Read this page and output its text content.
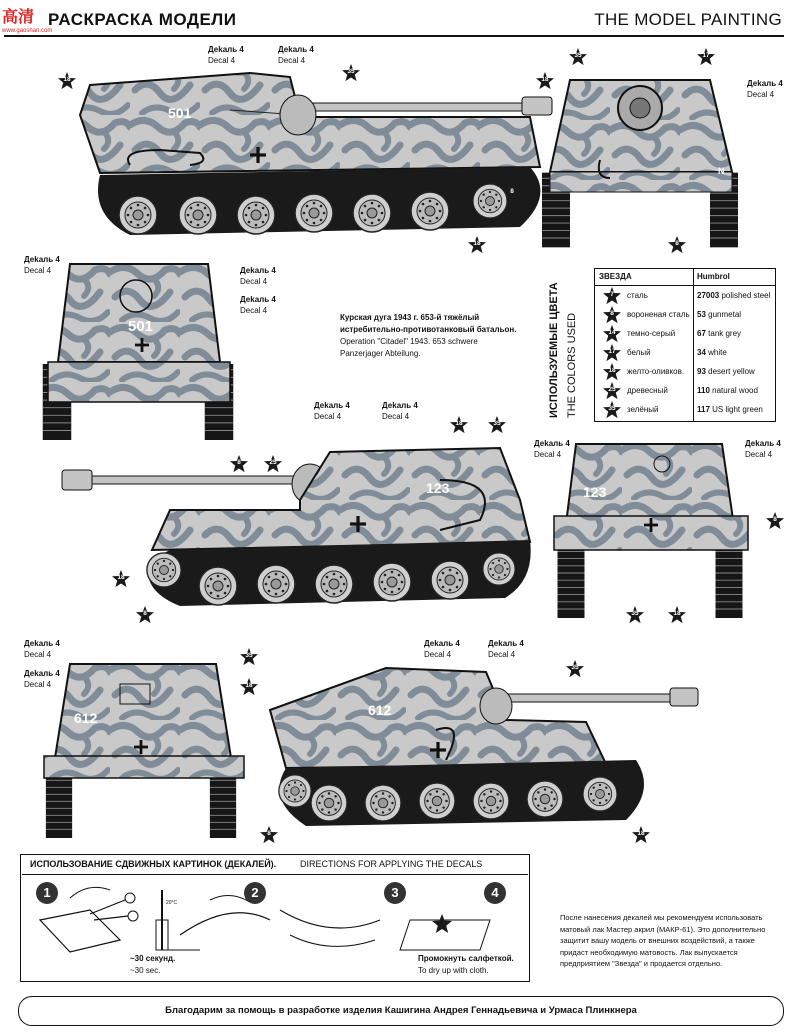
高清
www.gaoshan.com
РАСКРАСКА МОДЕЛИ	THE MODEL PAINTING
501
Деkаль 4
Decal 4
Деkаль 4
Decal 4
N
Деkаль 4
Decal 4
501
Деkаль 4
Decal 4	Деkаль 4
Decal 4
Деkаль 4
Decal 4
Курская дуга 1943 г. 653-й тяжёлый
истребительно-противотанковый батальон.
Operation "Citadel" 1943. 653 schwere
Panzerjager Abteilung.	ИСПОЛЬЗУЕМЫЕ ЦВЕТА THE COLORS USED
ЗВЕЗДА	Humbrol
7	сталь	27003 polished steel
8	вороненая сталь 53 gunmetal
14	темно-серый	67 tank grey
17	белый	34 white
18	желто-оливков. 93 desert yellow
25	древесный	110 natural wood
35	зелёный	117 US light green
123
Деkаль 4
Decal 4
Деkаль 4
Decal 4
123
Деkаль 4
Decal 4
Деkаль 4
Decal 4
612
Деkаль 4
Decal 4
Деkаль 4
Decal 4
612
Деkаль 4
Decal 4
Деkаль 4
Decal 4
18
35
35	17
18
8
18	8
8	25
18	35
18
8
8
35	18
35
18
35
8	18
ИСПОЛЬЗОВАНИЕ СДВИЖНЫХ КАРТИНОК (ДЕКАЛЕЙ).	DIRECTIONS FOR APPLYING THE DECALS
1	2	3	4
20°C
~30 секунд.
~30 sec.
Промокнуть салфеткой.
To dry up with cloth.
После нанесения декалей мы рекомендуем использовать матовый лак Мастер акрил (МАКР-61). Это дополнительно защитит вашу модель от внешних воздействий, а также придаст необходимую матовость. Лак выпускается предприятием "Звезда" и продается отдельно.
Благодарим за помощь в разработке изделия Кашигина Андрея Геннадьевича и Урмаса Плинкнера
